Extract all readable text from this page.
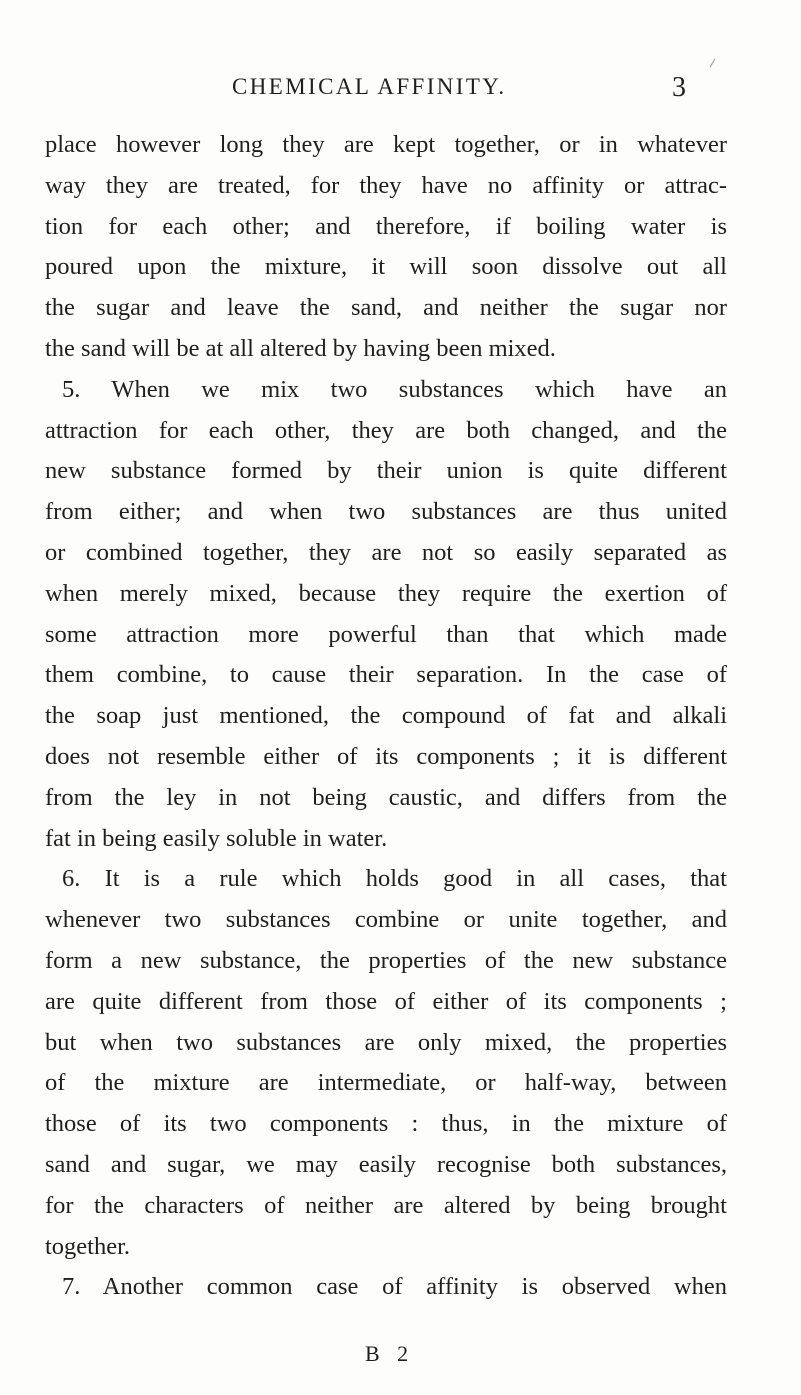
CHEMICAL AFFINITY.	3
place however long they are kept together, or in whatever
way they are treated, for they have no affinity or attrac-
tion for each other; and therefore, if boiling water is
poured upon the mixture, it will soon dissolve out all
the sugar and leave the sand, and neither the sugar nor
the sand will be at all altered by having been mixed.
5. When we mix two substances which have an
attraction for each other, they are both changed, and the
new substance formed by their union is quite different
from either; and when two substances are thus united
or combined together, they are not so easily separated as
when merely mixed, because they require the exertion of
some attraction more powerful than that which made
them combine, to cause their separation. In the case of
the soap just mentioned, the compound of fat and alkali
does not resemble either of its components ; it is different
from the ley in not being caustic, and differs from the
fat in being easily soluble in water.
6. It is a rule which holds good in all cases, that
whenever two substances combine or unite together, and
form a new substance, the properties of the new substance
are quite different from those of either of its components ;
but when two substances are only mixed, the properties
of the mixture are intermediate, or half-way, between
those of its two components : thus, in the mixture of
sand and sugar, we may easily recognise both substances,
for the characters of neither are altered by being brought
together.
7. Another common case of affinity is observed when
B 2
